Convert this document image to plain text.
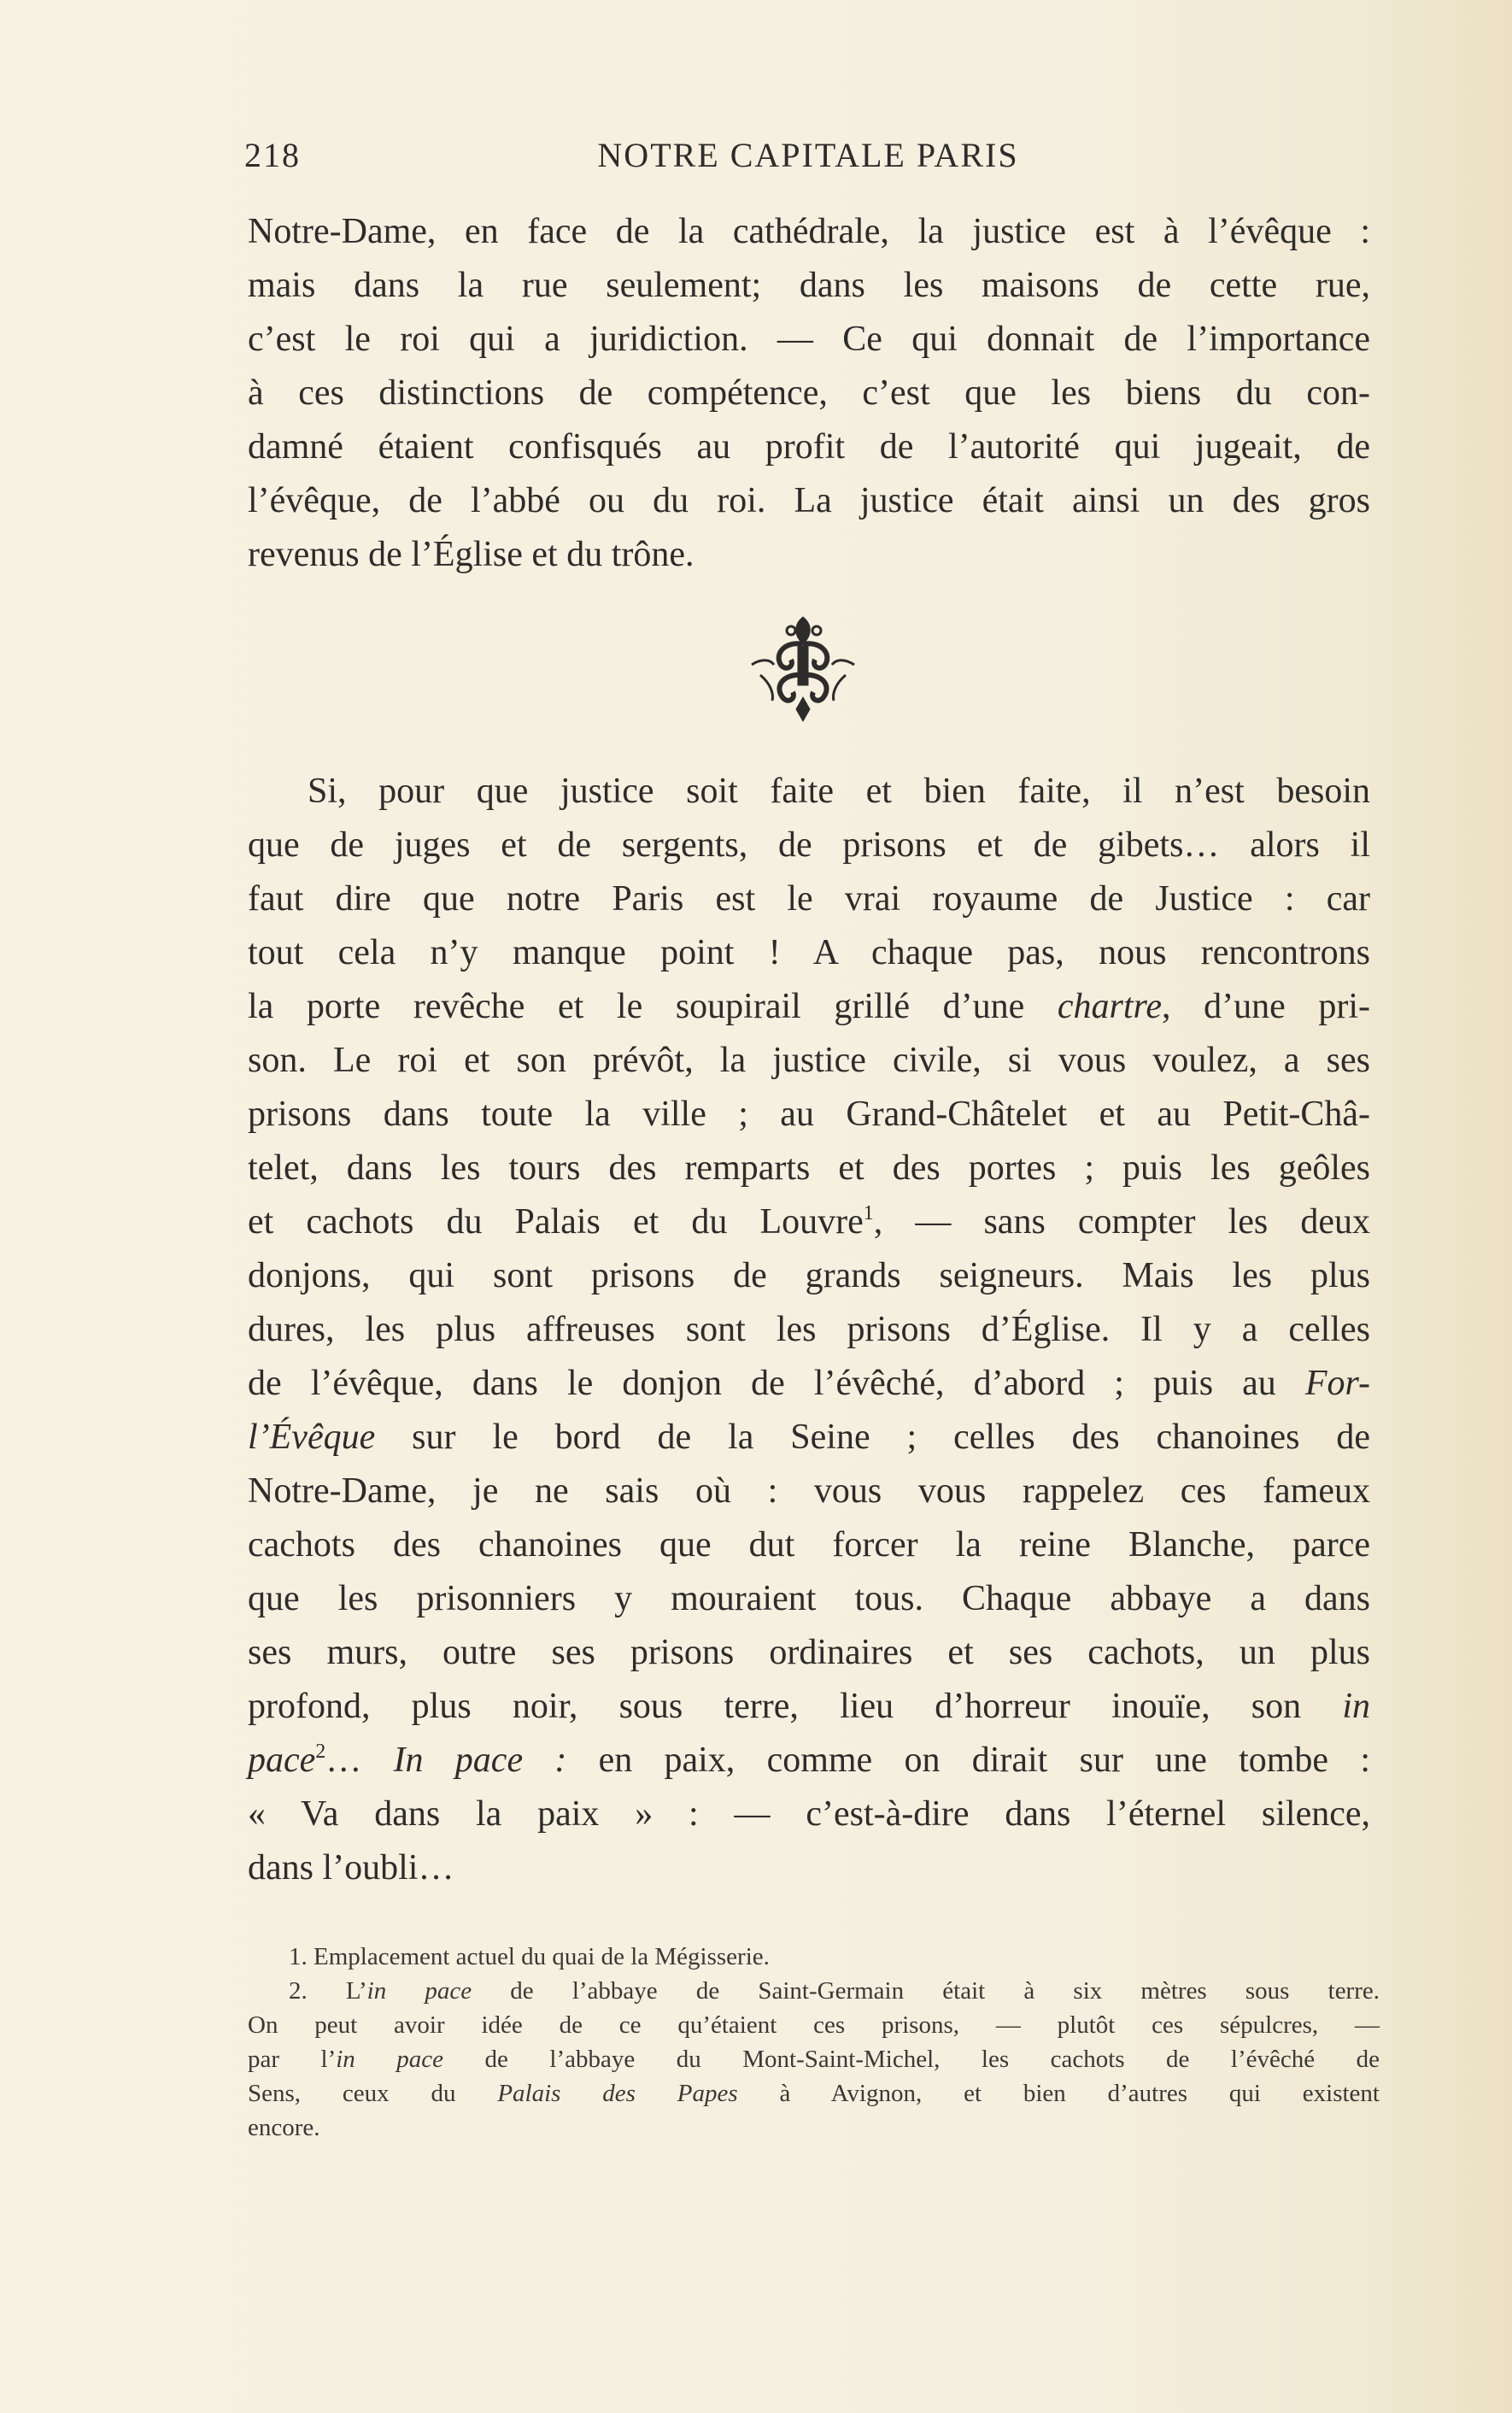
218	NOTRE CAPITALE PARIS
Notre-Dame, en face de la cathédrale, la justice est à l’évêque :
mais dans la rue seulement; dans les maisons de cette rue,
c’est le roi qui a juridiction. — Ce qui donnait de l’importance
à ces distinctions de compétence, c’est que les biens du con-
damné étaient confisqués au profit de l’autorité qui jugeait, de
l’évêque, de l’abbé ou du roi. La justice était ainsi un des gros
revenus de l’Église et du trône.
Si, pour que justice soit faite et bien faite, il n’est besoin
que de juges et de sergents, de prisons et de gibets… alors il
faut dire que notre Paris est le vrai royaume de Justice : car
tout cela n’y manque point ! A chaque pas, nous rencontrons
la porte revêche et le soupirail grillé d’une chartre, d’une pri-
son. Le roi et son prévôt, la justice civile, si vous voulez, a ses
prisons dans toute la ville ; au Grand-Châtelet et au Petit-Châ-
telet, dans les tours des remparts et des portes ; puis les geôles
et cachots du Palais et du Louvre$^1$, — sans compter les deux
donjons, qui sont prisons de grands seigneurs. Mais les plus
dures, les plus affreuses sont les prisons d’Église. Il y a celles
de l’évêque, dans le donjon de l’évêché, d’abord ; puis au For-
l’Évêque sur le bord de la Seine ; celles des chanoines de
Notre-Dame, je ne sais où : vous vous rappelez ces fameux
cachots des chanoines que dut forcer la reine Blanche, parce
que les prisonniers y mouraient tous. Chaque abbaye a dans
ses murs, outre ses prisons ordinaires et ses cachots, un plus
profond, plus noir, sous terre, lieu d’horreur inouïe, son in
pace$^2$… In pace : en paix, comme on dirait sur une tombe :
« Va dans la paix » : — c’est-à-dire dans l’éternel silence,
dans l’oubli…
1. Emplacement actuel du quai de la Mégisserie.
2. L’in pace de l’abbaye de Saint-Germain était à six mètres sous terre.
On peut avoir idée de ce qu’étaient ces prisons, — plutôt ces sépulcres, —
par l’in pace de l’abbaye du Mont-Saint-Michel, les cachots de l’évêché de
Sens, ceux du Palais des Papes à Avignon, et bien d’autres qui existent
encore.
